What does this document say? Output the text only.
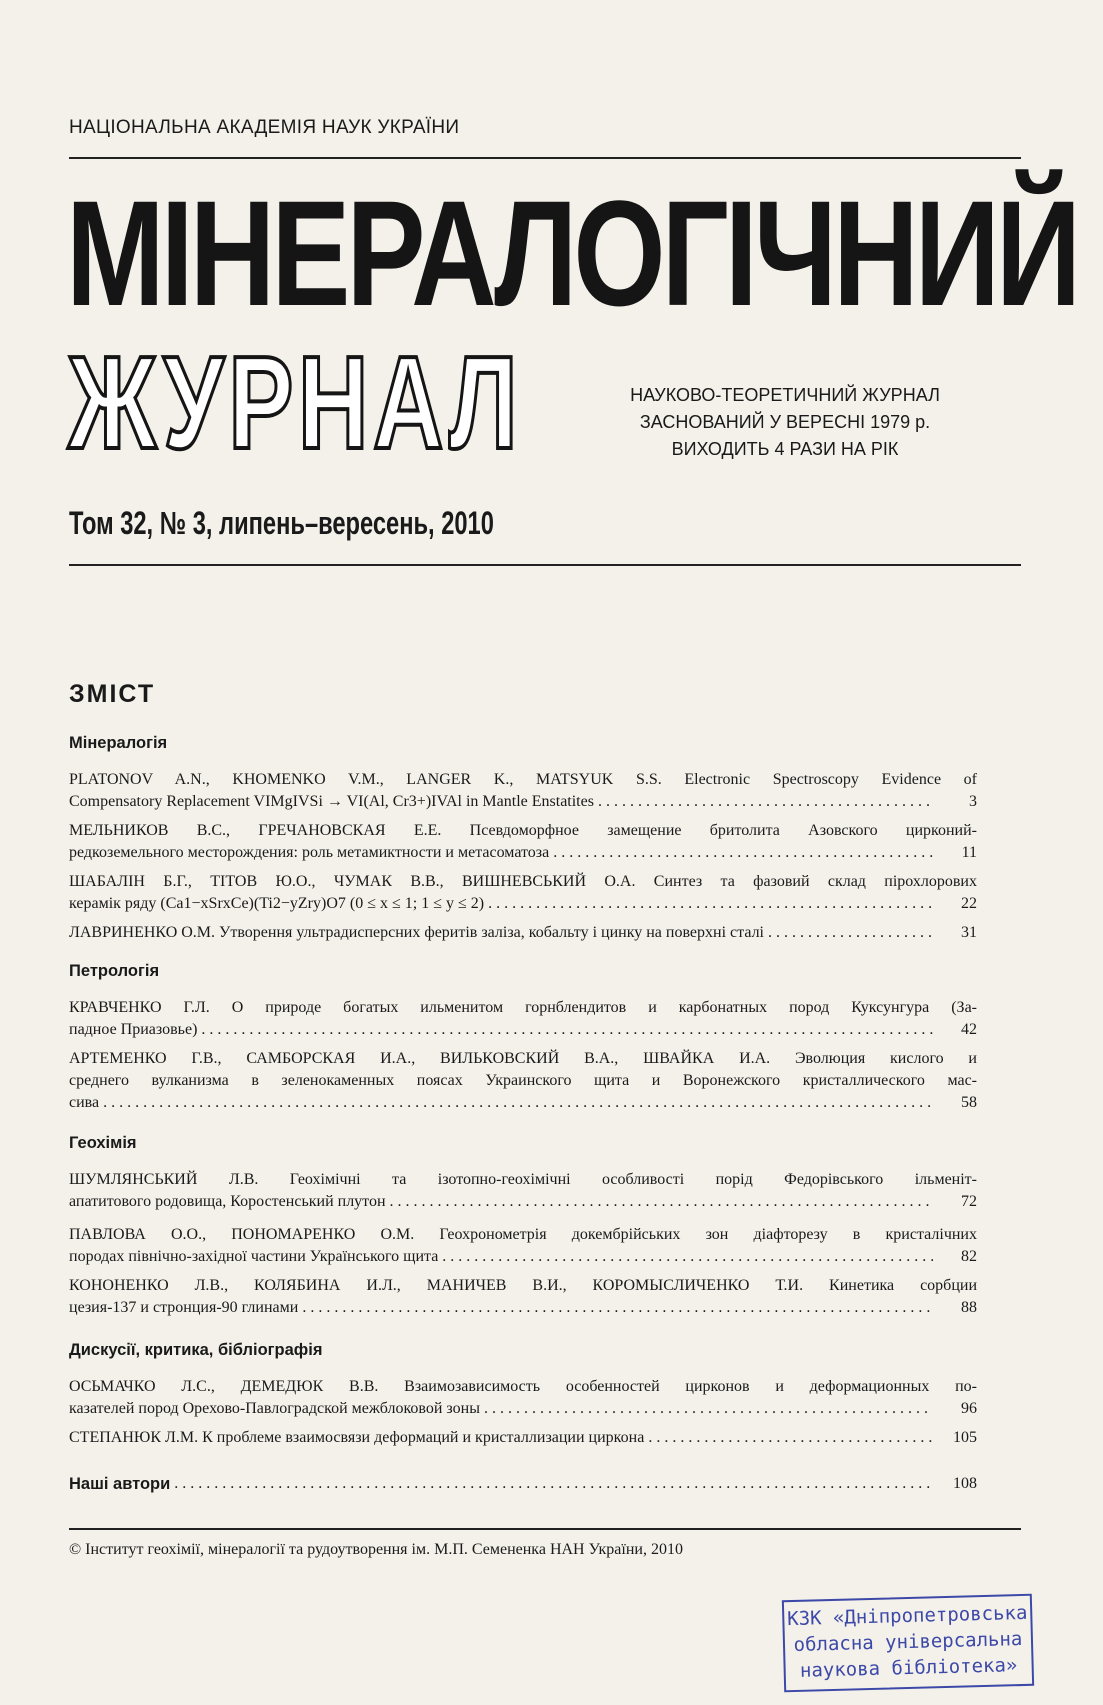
НАЦІОНАЛЬНА АКАДЕМІЯ НАУК УКРАЇНИ
МІНЕРАЛОГІЧНИЙ
ЖУРНАЛ	НАУКОВО-ТЕОРЕТИЧНИЙ ЖУРНАЛ
ЗАСНОВАНИЙ У ВЕРЕСНІ 1979 р.
ВИХОДИТЬ 4 РАЗИ НА РІК
Том 32, № 3, липень–вересень, 2010
ЗМІСТ
Мінералогія
PLATONOV A.N., KHOMENKO V.M., LANGER K., MATSYUK S.S. Electronic Spectroscopy Evidence of
Compensatory Replacement VIMgIVSi → VI(Al, Cr3+)IVAl in Mantle Enstatites . . .	3
МЕЛЬНИКОВ В.С., ГРЕЧАНОВСКАЯ Е.Е. Псевдоморфное замещение бритолита Азовского цирконий-
редкоземельного месторождения: роль метамиктности и метасоматоза . . .	11
ШАБАЛІН Б.Г., ТІТОВ Ю.О., ЧУМАК В.В., ВИШНЕВСЬКИЙ О.А. Синтез та фазовий склад пірохлорових
керамік ряду (Ca1−xSrxCe)(Ti2−yZry)O7 (0 ≤ x ≤ 1; 1 ≤ y ≤ 2) . . .	22
ЛАВРИНЕНКО О.М. Утворення ультрадисперсних феритів заліза, кобальту і цинку на поверхні сталі . . .	31
Петрологія
КРАВЧЕНКО Г.Л. О природе богатых ильменитом горнблендитов и карбонатных пород Куксунгура (За-
падное Приазовье) . . .	42
АРТЕМЕНКО Г.В., САМБОРСКАЯ И.А., ВИЛЬКОВСКИЙ В.А., ШВАЙКА И.А. Эволюция кислого и
среднего вулканизма в зеленокаменных поясах Украинского щита и Воронежского кристаллического мас-
сива . . .	58
Геохімія
ШУМЛЯНСЬКИЙ Л.В. Геохімічні та ізотопно-геохімічні особливості порід Федорівського ільменіт-
апатитового родовища, Коростенський плутон . . .	72
ПАВЛОВА О.О., ПОНОМАРЕНКО О.М. Геохронометрія докембрійських зон діафторезу в кристалічних
породах північно-західної частини Українського щита . . .	82
КОНОНЕНКО Л.В., КОЛЯБИНА И.Л., МАНИЧЕВ В.И., КОРОМЫСЛИЧЕНКО Т.И. Кинетика сорбции
цезия-137 и стронция-90 глинами . . .	88
Дискусії, критика, бібліографія
ОСЬМАЧКО Л.С., ДЕМЕДЮК В.В. Взаимозависимость особенностей цирконов и деформационных по-
казателей пород Орехово-Павлоградской межблоковой зоны . . .	96
СТЕПАНЮК Л.М. К проблеме взаимосвязи деформаций и кристаллизации циркона . . .	105
Наші автори . . .	108
© Інститут геохімії, мінералогії та рудоутворення ім. М.П. Семененка НАН України, 2010
КЗК «Дніпропетровська
обласна універсальна
наукова бібліотека»
